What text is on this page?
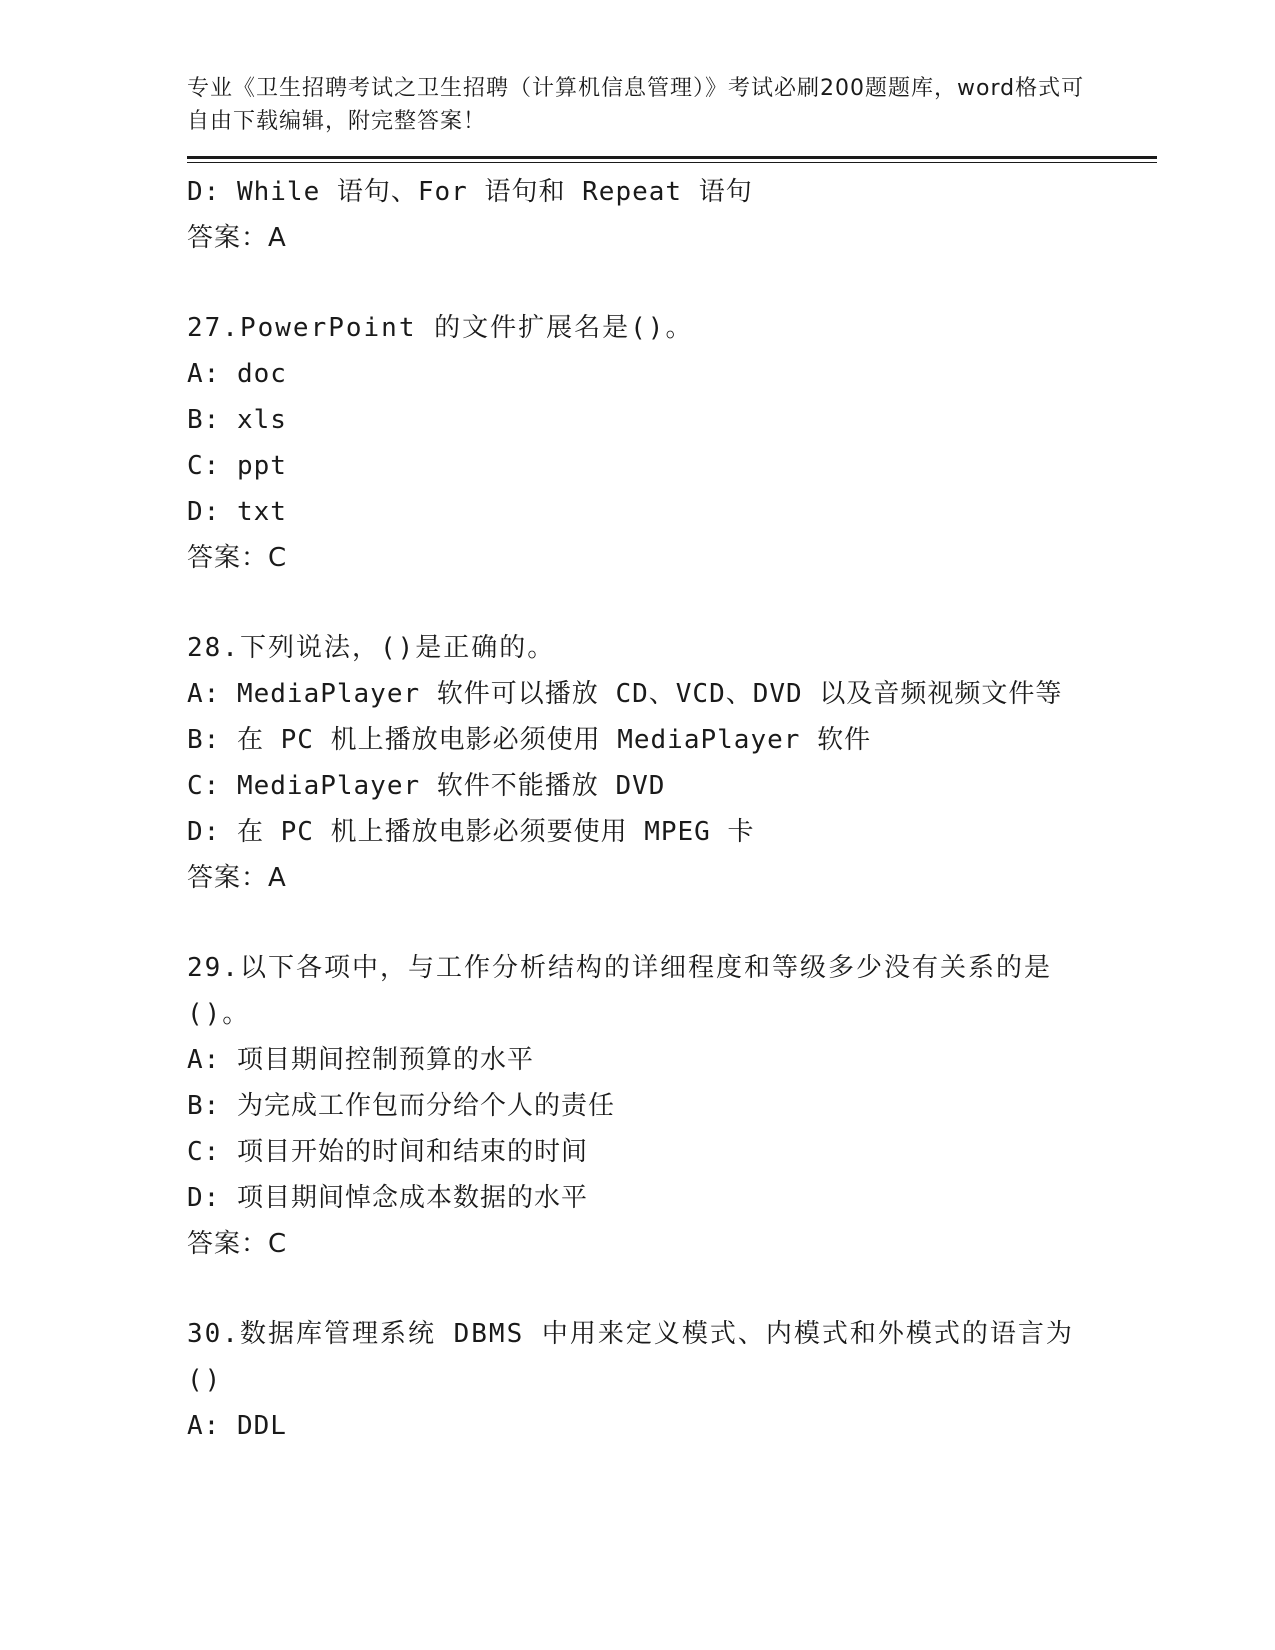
专业《卫生招聘考试之卫生招聘（计算机信息管理）》考试必刷200题题库，word格式可自由下载编辑，附完整答案！
D: While 语句、For 语句和 Repeat 语句
答案：A
27.PowerPoint 的文件扩展名是()。
A: doc
B: xls
C: ppt
D: txt
答案：C
28.下列说法，()是正确的。
A: MediaPlayer 软件可以播放 CD、VCD、DVD 以及音频视频文件等
B: 在 PC 机上播放电影必须使用 MediaPlayer 软件
C: MediaPlayer 软件不能播放 DVD
D: 在 PC 机上播放电影必须要使用 MPEG 卡
答案：A
29.以下各项中，与工作分析结构的详细程度和等级多少没有关系的是()。
A: 项目期间控制预算的水平
B: 为完成工作包而分给个人的责任
C: 项目开始的时间和结束的时间
D: 项目期间悼念成本数据的水平
答案：C
30.数据库管理系统 DBMS 中用来定义模式、内模式和外模式的语言为()
A: DDL
